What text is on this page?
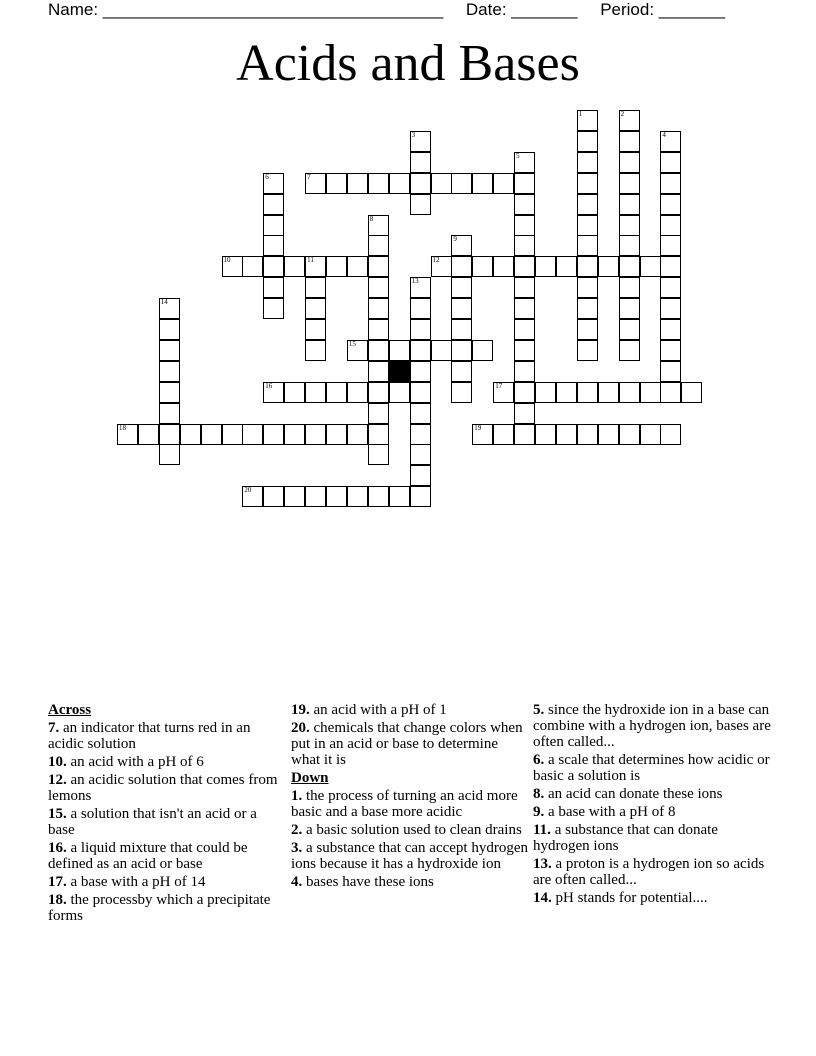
Name: ____________________________________ Date: _______ Period: _______
Acids and Bases
1	2
3	4
5
6	7
8
9
10	11	12
13
14
15
16	17
18	19
20
Across
7. an indicator that turns red in an acidic solution
10. an acid with a pH of 6
12. an acidic solution that comes from lemons
15. a solution that isn't an acid or a base
16. a liquid mixture that could be defined as an acid or base
17. a base with a pH of 14
18. the processby which a precipitate forms
19. an acid with a pH of 1
20. chemicals that change colors when put in an acid or base to determine what it is
Down
1. the process of turning an acid more basic and a base more acidic
2. a basic solution used to clean drains
3. a substance that can accept hydrogen ions because it has a hydroxide ion
4. bases have these ions
5. since the hydroxide ion in a base can combine with a hydrogen ion, bases are often called...
6. a scale that determines how acidic or basic a solution is
8. an acid can donate these ions
9. a base with a pH of 8
11. a substance that can donate hydrogen ions
13. a proton is a hydrogen ion so acids are often called...
14. pH stands for potential....
